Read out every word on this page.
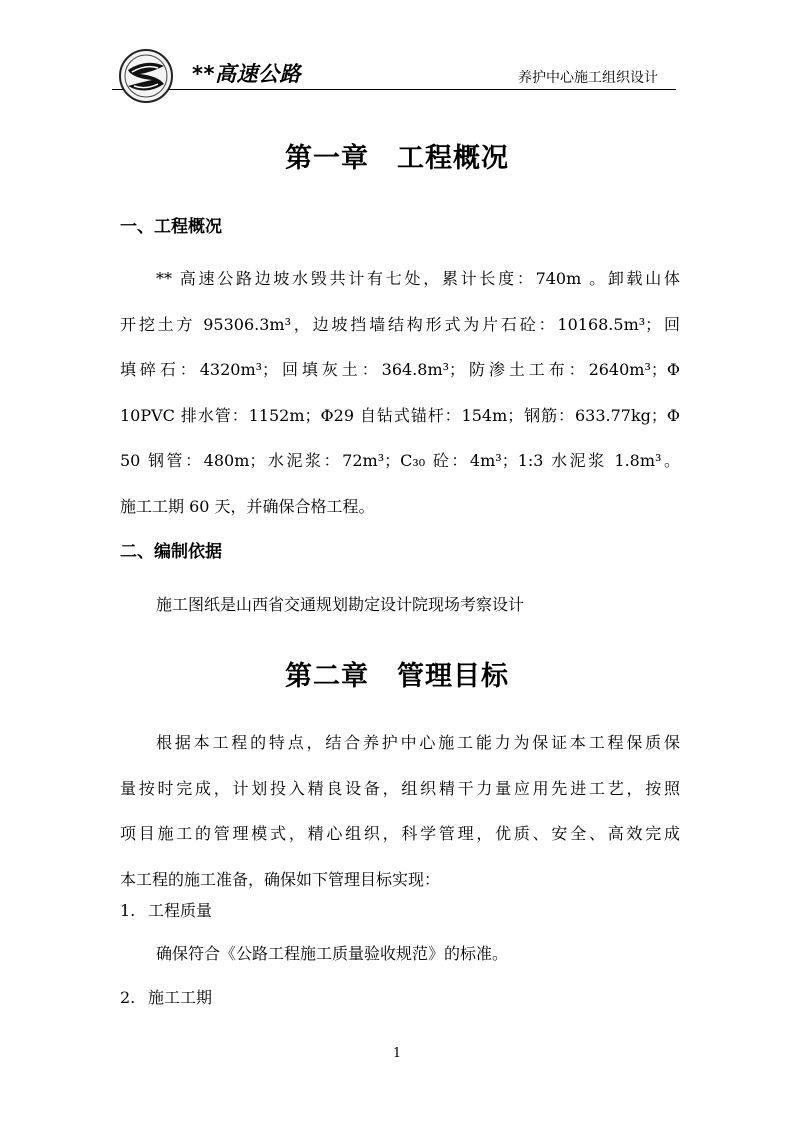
**高速公路	养护中心施工组织设计
第一章　工程概况
一、工程概况
** 高速公路边坡水毁共计有七处，累计长度：740m 。卸载山体
开挖土方 95306.3m³，边坡挡墙结构形式为片石砼：10168.5m³；回
填碎石：4320m³；回填灰土：364.8m³；防渗土工布：2640m³；Φ
10PVC 排水管：1152m；Φ29 自钻式锚杆：154m；钢筋：633.77kg；Φ
50 钢管：480m；水泥浆：72m³；C₃₀ 砼：4m³；1:3 水泥浆 1.8m³。
施工工期 60 天，并确保合格工程。
二、编制依据
施工图纸是山西省交通规划勘定设计院现场考察设计
第二章　管理目标
根据本工程的特点，结合养护中心施工能力为保证本工程保质保
量按时完成，计划投入精良设备，组织精干力量应用先进工艺，按照
项目施工的管理模式，精心组织，科学管理，优质、安全、高效完成
本工程的施工准备，确保如下管理目标实现：
1. 工程质量
确保符合《公路工程施工质量验收规范》的标准。
2. 施工工期
1
